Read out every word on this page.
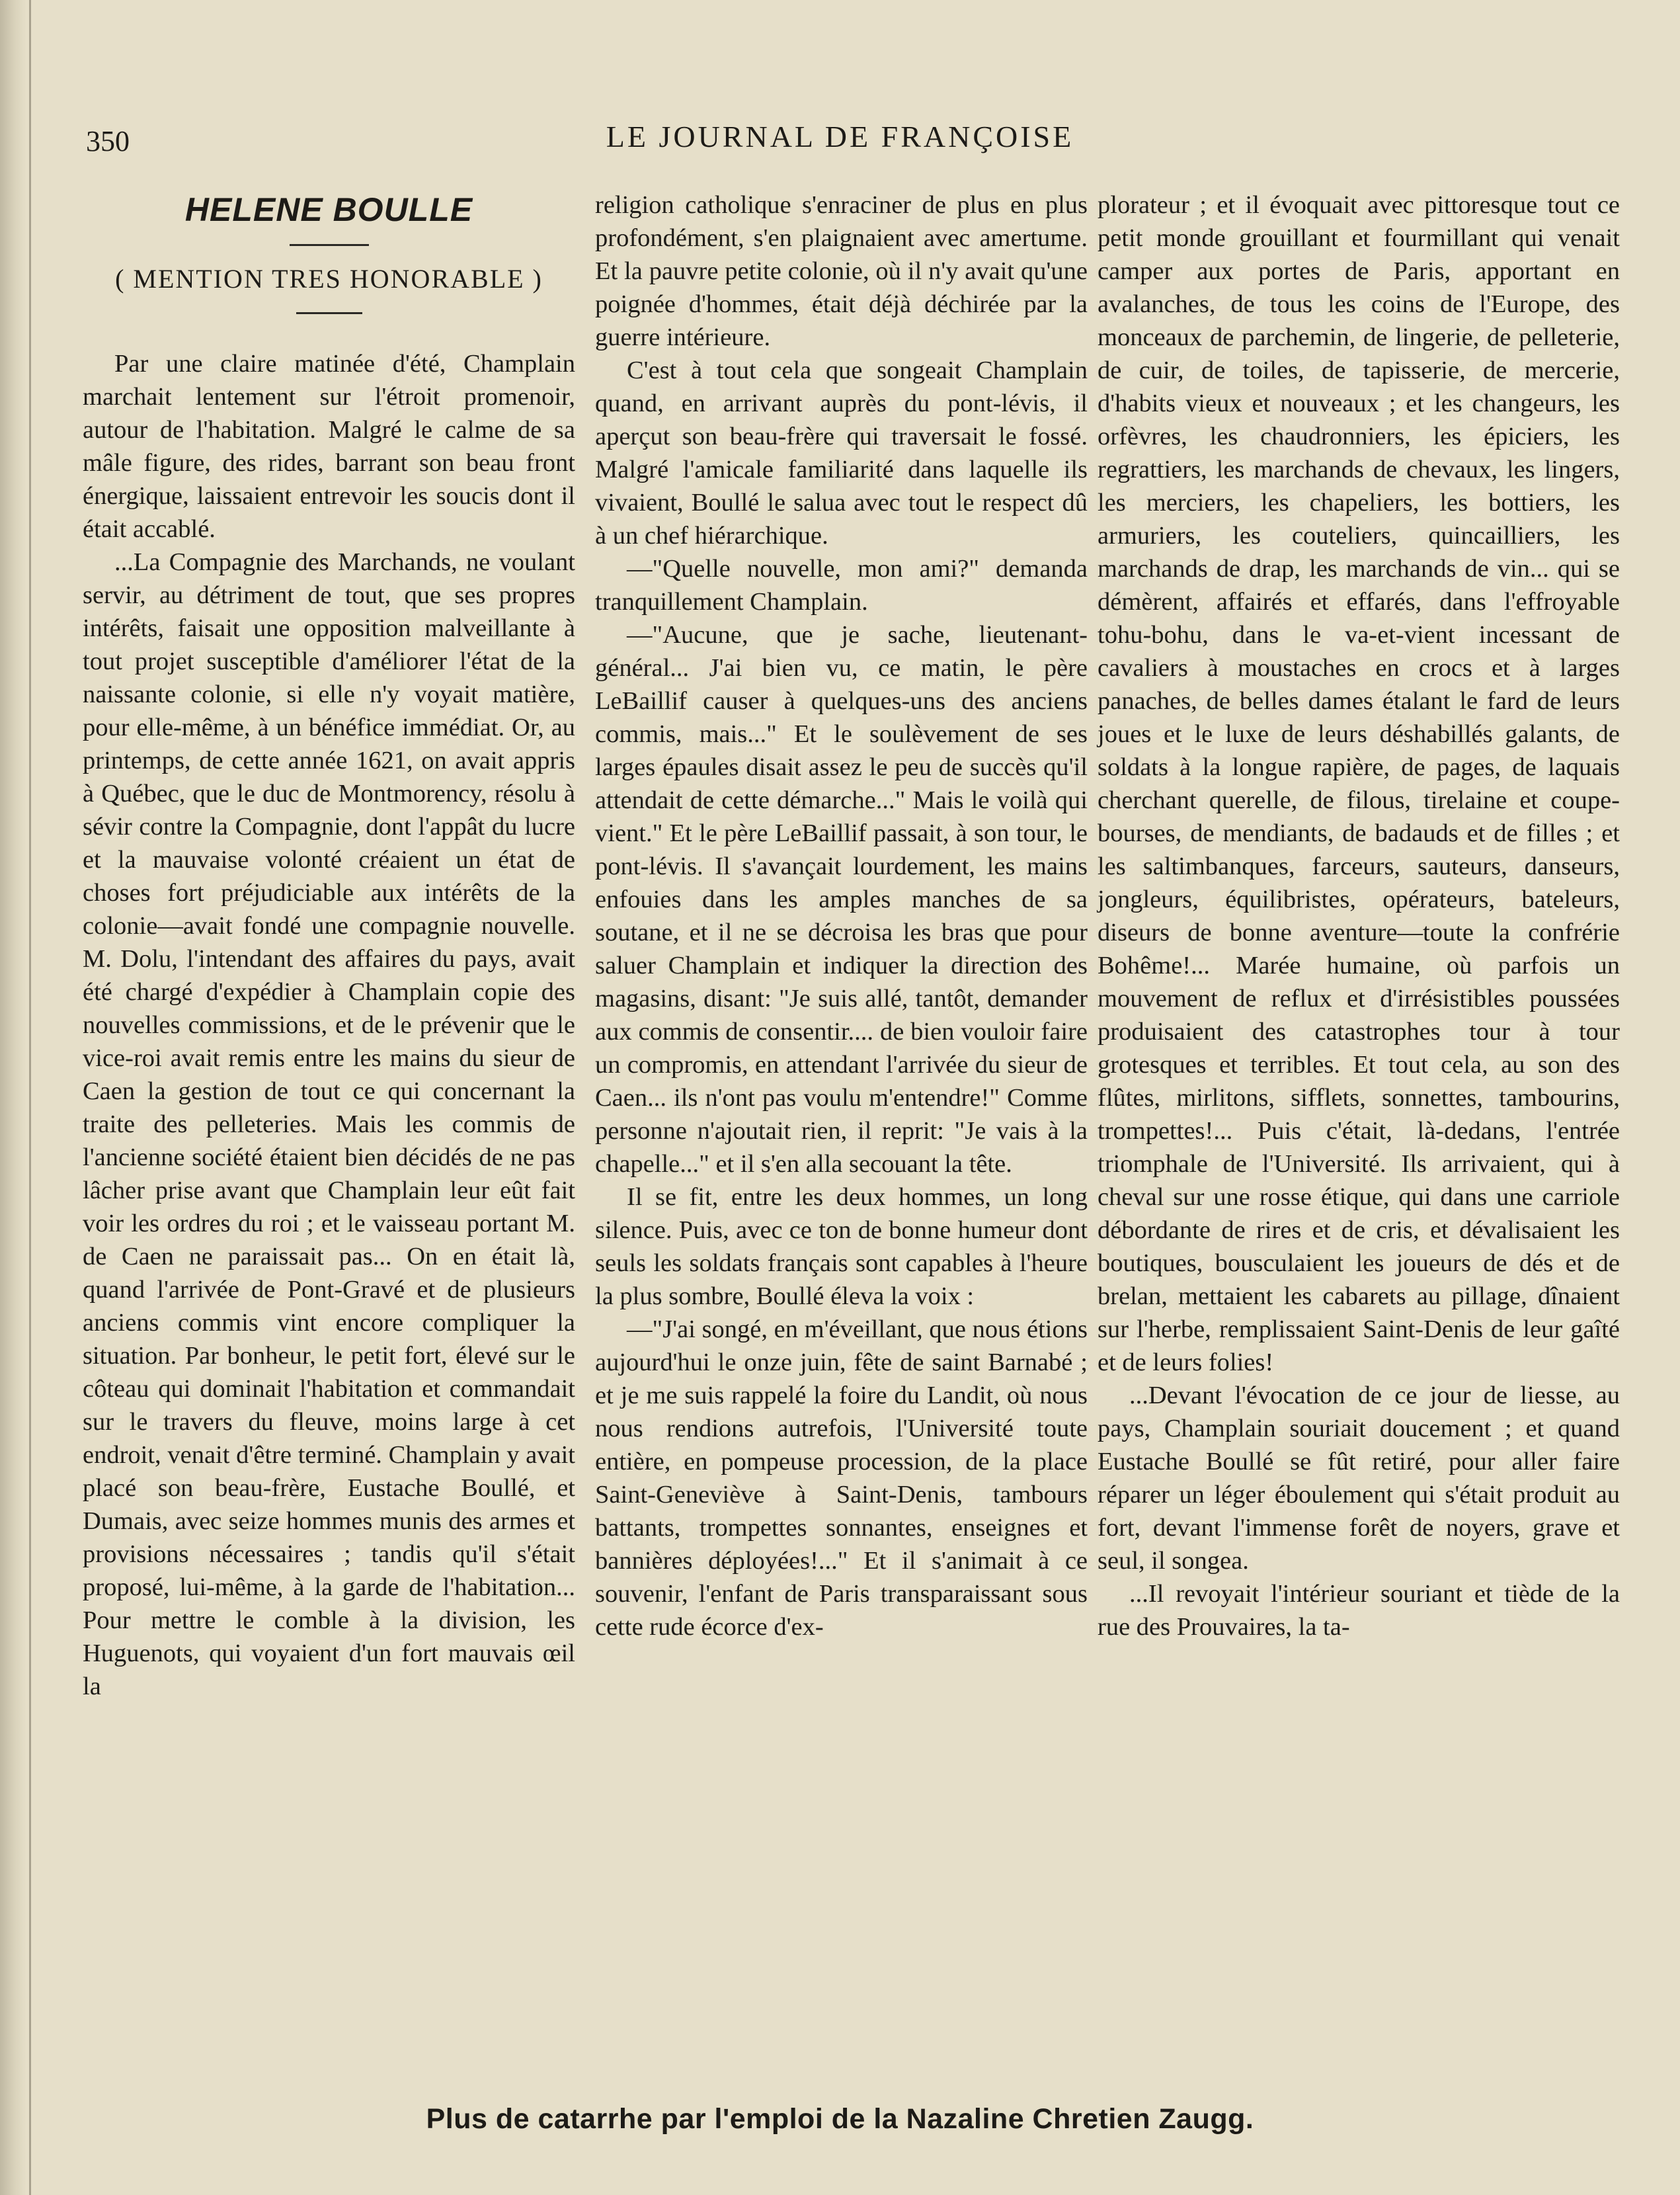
350	LE JOURNAL DE FRANÇOISE
HELENE BOULLE
( MENTION TRES HONORABLE )

Par une claire matinée d'été, Champlain marchait lentement sur l'étroit promenoir, autour de l'habitation. Malgré le calme de sa mâle figure, des rides, barrant son beau front énergique, laissaient entrevoir les soucis dont il était accablé.

...La Compagnie des Marchands, ne voulant servir, au détriment de tout, que ses propres intérêts, faisait une opposition malveillante à tout projet susceptible d'améliorer l'état de la naissante colonie, si elle n'y voyait matière, pour elle-même, à un bénéfice immédiat. Or, au printemps, de cette année 1621, on avait appris à Québec, que le duc de Montmorency, résolu à sévir contre la Compagnie, dont l'appât du lucre et la mauvaise volonté créaient un état de choses fort préjudiciable aux intérêts de la colonie—avait fondé une compagnie nouvelle. M. Dolu, l'intendant des affaires du pays, avait été chargé d'expédier à Champlain copie des nouvelles commissions, et de le prévenir que le vice-roi avait remis entre les mains du sieur de Caen la gestion de tout ce qui concernant la traite des pelleteries. Mais les commis de l'ancienne société étaient bien décidés de ne pas lâcher prise avant que Champlain leur eût fait voir les ordres du roi ; et le vaisseau portant M. de Caen ne paraissait pas... On en était là, quand l'arrivée de Pont-Gravé et de plusieurs anciens commis vint encore compliquer la situation. Par bonheur, le petit fort, élevé sur le côteau qui dominait l'habitation et commandait sur le travers du fleuve, moins large à cet endroit, venait d'être terminé. Champlain y avait placé son beau-frère, Eustache Boullé, et Dumais, avec seize hommes munis des armes et provisions nécessaires ; tandis qu'il s'était proposé, lui-même, à la garde de l'habitation... Pour mettre le comble à la division, les Huguenots, qui voyaient d'un fort mauvais œil la

religion catholique s'enraciner de plus en plus profondément, s'en plaignaient avec amertume. Et la pauvre petite colonie, où il n'y avait qu'une poignée d'hommes, était déjà déchirée par la guerre intérieure.

C'est à tout cela que songeait Champlain quand, en arrivant auprès du pont-lévis, il aperçut son beau-frère qui traversait le fossé. Malgré l'amicale familiarité dans laquelle ils vivaient, Boullé le salua avec tout le respect dû à un chef hiérarchique.

—"Quelle nouvelle, mon ami?" demanda tranquillement Champlain.

—"Aucune, que je sache, lieutenant-général... J'ai bien vu, ce matin, le père LeBaillif causer à quelques-uns des anciens commis, mais..." Et le soulèvement de ses larges épaules disait assez le peu de succès qu'il attendait de cette démarche..." Mais le voilà qui vient." Et le père LeBaillif passait, à son tour, le pont-lévis. Il s'avançait lourdement, les mains enfouies dans les amples manches de sa soutane, et il ne se décroisa les bras que pour saluer Champlain et indiquer la direction des magasins, disant: "Je suis allé, tantôt, demander aux commis de consentir.... de bien vouloir faire un compromis, en attendant l'arrivée du sieur de Caen... ils n'ont pas voulu m'entendre!" Comme personne n'ajoutait rien, il reprit: "Je vais à la chapelle..." et il s'en alla secouant la tête.

Il se fit, entre les deux hommes, un long silence. Puis, avec ce ton de bonne humeur dont seuls les soldats français sont capables à l'heure la plus sombre, Boullé éleva la voix :

—"J'ai songé, en m'éveillant, que nous étions aujourd'hui le onze juin, fête de saint Barnabé ; et je me suis rappelé la foire du Landit, où nous nous rendions autrefois, l'Université toute entière, en pompeuse procession, de la place Saint-Geneviève à Saint-Denis, tambours battants, trompettes sonnantes, enseignes et bannières déployées!..." Et il s'animait à ce souvenir, l'enfant de Paris transparaissant sous cette rude écorce d'ex-

plorateur ; et il évoquait avec pittoresque tout ce petit monde grouillant et fourmillant qui venait camper aux portes de Paris, apportant en avalanches, de tous les coins de l'Europe, des monceaux de parchemin, de lingerie, de pelleterie, de cuir, de toiles, de tapisserie, de mercerie, d'habits vieux et nouveaux ; et les changeurs, les orfèvres, les chaudronniers, les épiciers, les regrattiers, les marchands de chevaux, les lingers, les merciers, les chapeliers, les bottiers, les armuriers, les couteliers, quincailliers, les marchands de drap, les marchands de vin... qui se démèrent, affairés et effarés, dans l'effroyable tohu-bohu, dans le va-et-vient incessant de cavaliers à moustaches en crocs et à larges panaches, de belles dames étalant le fard de leurs joues et le luxe de leurs déshabillés galants, de soldats à la longue rapière, de pages, de laquais cherchant querelle, de filous, tirelaine et coupe-bourses, de mendiants, de badauds et de filles ; et les saltimbanques, farceurs, sauteurs, danseurs, jongleurs, équilibristes, opérateurs, bateleurs, diseurs de bonne aventure—toute la confrérie Bohême!... Marée humaine, où parfois un mouvement de reflux et d'irrésistibles poussées produisaient des catastrophes tour à tour grotesques et terribles. Et tout cela, au son des flûtes, mirlitons, sifflets, sonnettes, tambourins, trompettes!... Puis c'était, là-dedans, l'entrée triomphale de l'Université. Ils arrivaient, qui à cheval sur une rosse étique, qui dans une carriole débordante de rires et de cris, et dévalisaient les boutiques, bousculaient les joueurs de dés et de brelan, mettaient les cabarets au pillage, dînaient sur l'herbe, remplissaient Saint-Denis de leur gaîté et de leurs folies!

...Devant l'évocation de ce jour de liesse, au pays, Champlain souriait doucement ; et quand Eustache Boullé se fût retiré, pour aller faire réparer un léger éboulement qui s'était produit au fort, devant l'immense forêt de noyers, grave et seul, il songea.

...Il revoyait l'intérieur souriant et tiède de la rue des Prouvaires, la ta-

Plus de catarrhe par l'emploi de la Nazaline Chretien Zaugg.
